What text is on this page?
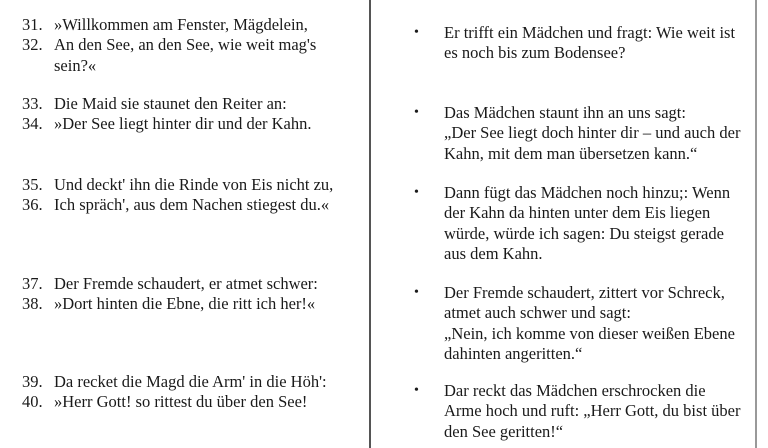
31. »Willkommen am Fenster, Mägdelein,
32. An den See, an den See, wie weit mag's
sein?«
33. Die Maid sie staunet den Reiter an:
34. »Der See liegt hinter dir und der Kahn.
35. Und deckt' ihn die Rinde von Eis nicht zu,
36. Ich spräch', aus dem Nachen stiegest du.«
37. Der Fremde schaudert, er atmet schwer:
38. »Dort hinten die Ebne, die ritt ich her!«
39. Da recket die Magd die Arm' in die Höh':
40. »Herr Gott! so rittest du über den See!
•	Er trifft ein Mädchen und fragt: Wie weit ist
es noch bis zum Bodensee?
•	Das Mädchen staunt ihn an uns sagt:
„Der See liegt doch hinter dir – und auch der
Kahn, mit dem man übersetzen kann.“
•	Dann fügt das Mädchen noch hinzu;: Wenn
der Kahn da hinten unter dem Eis liegen
würde, würde ich sagen: Du steigst gerade
aus dem Kahn.
•	Der Fremde schaudert, zittert vor Schreck,
atmet auch schwer und sagt:
„Nein, ich komme von dieser weißen Ebene
dahinten angeritten.“
•	Dar reckt das Mädchen erschrocken die
Arme hoch und ruft: „Herr Gott, du bist über
den See geritten!“
